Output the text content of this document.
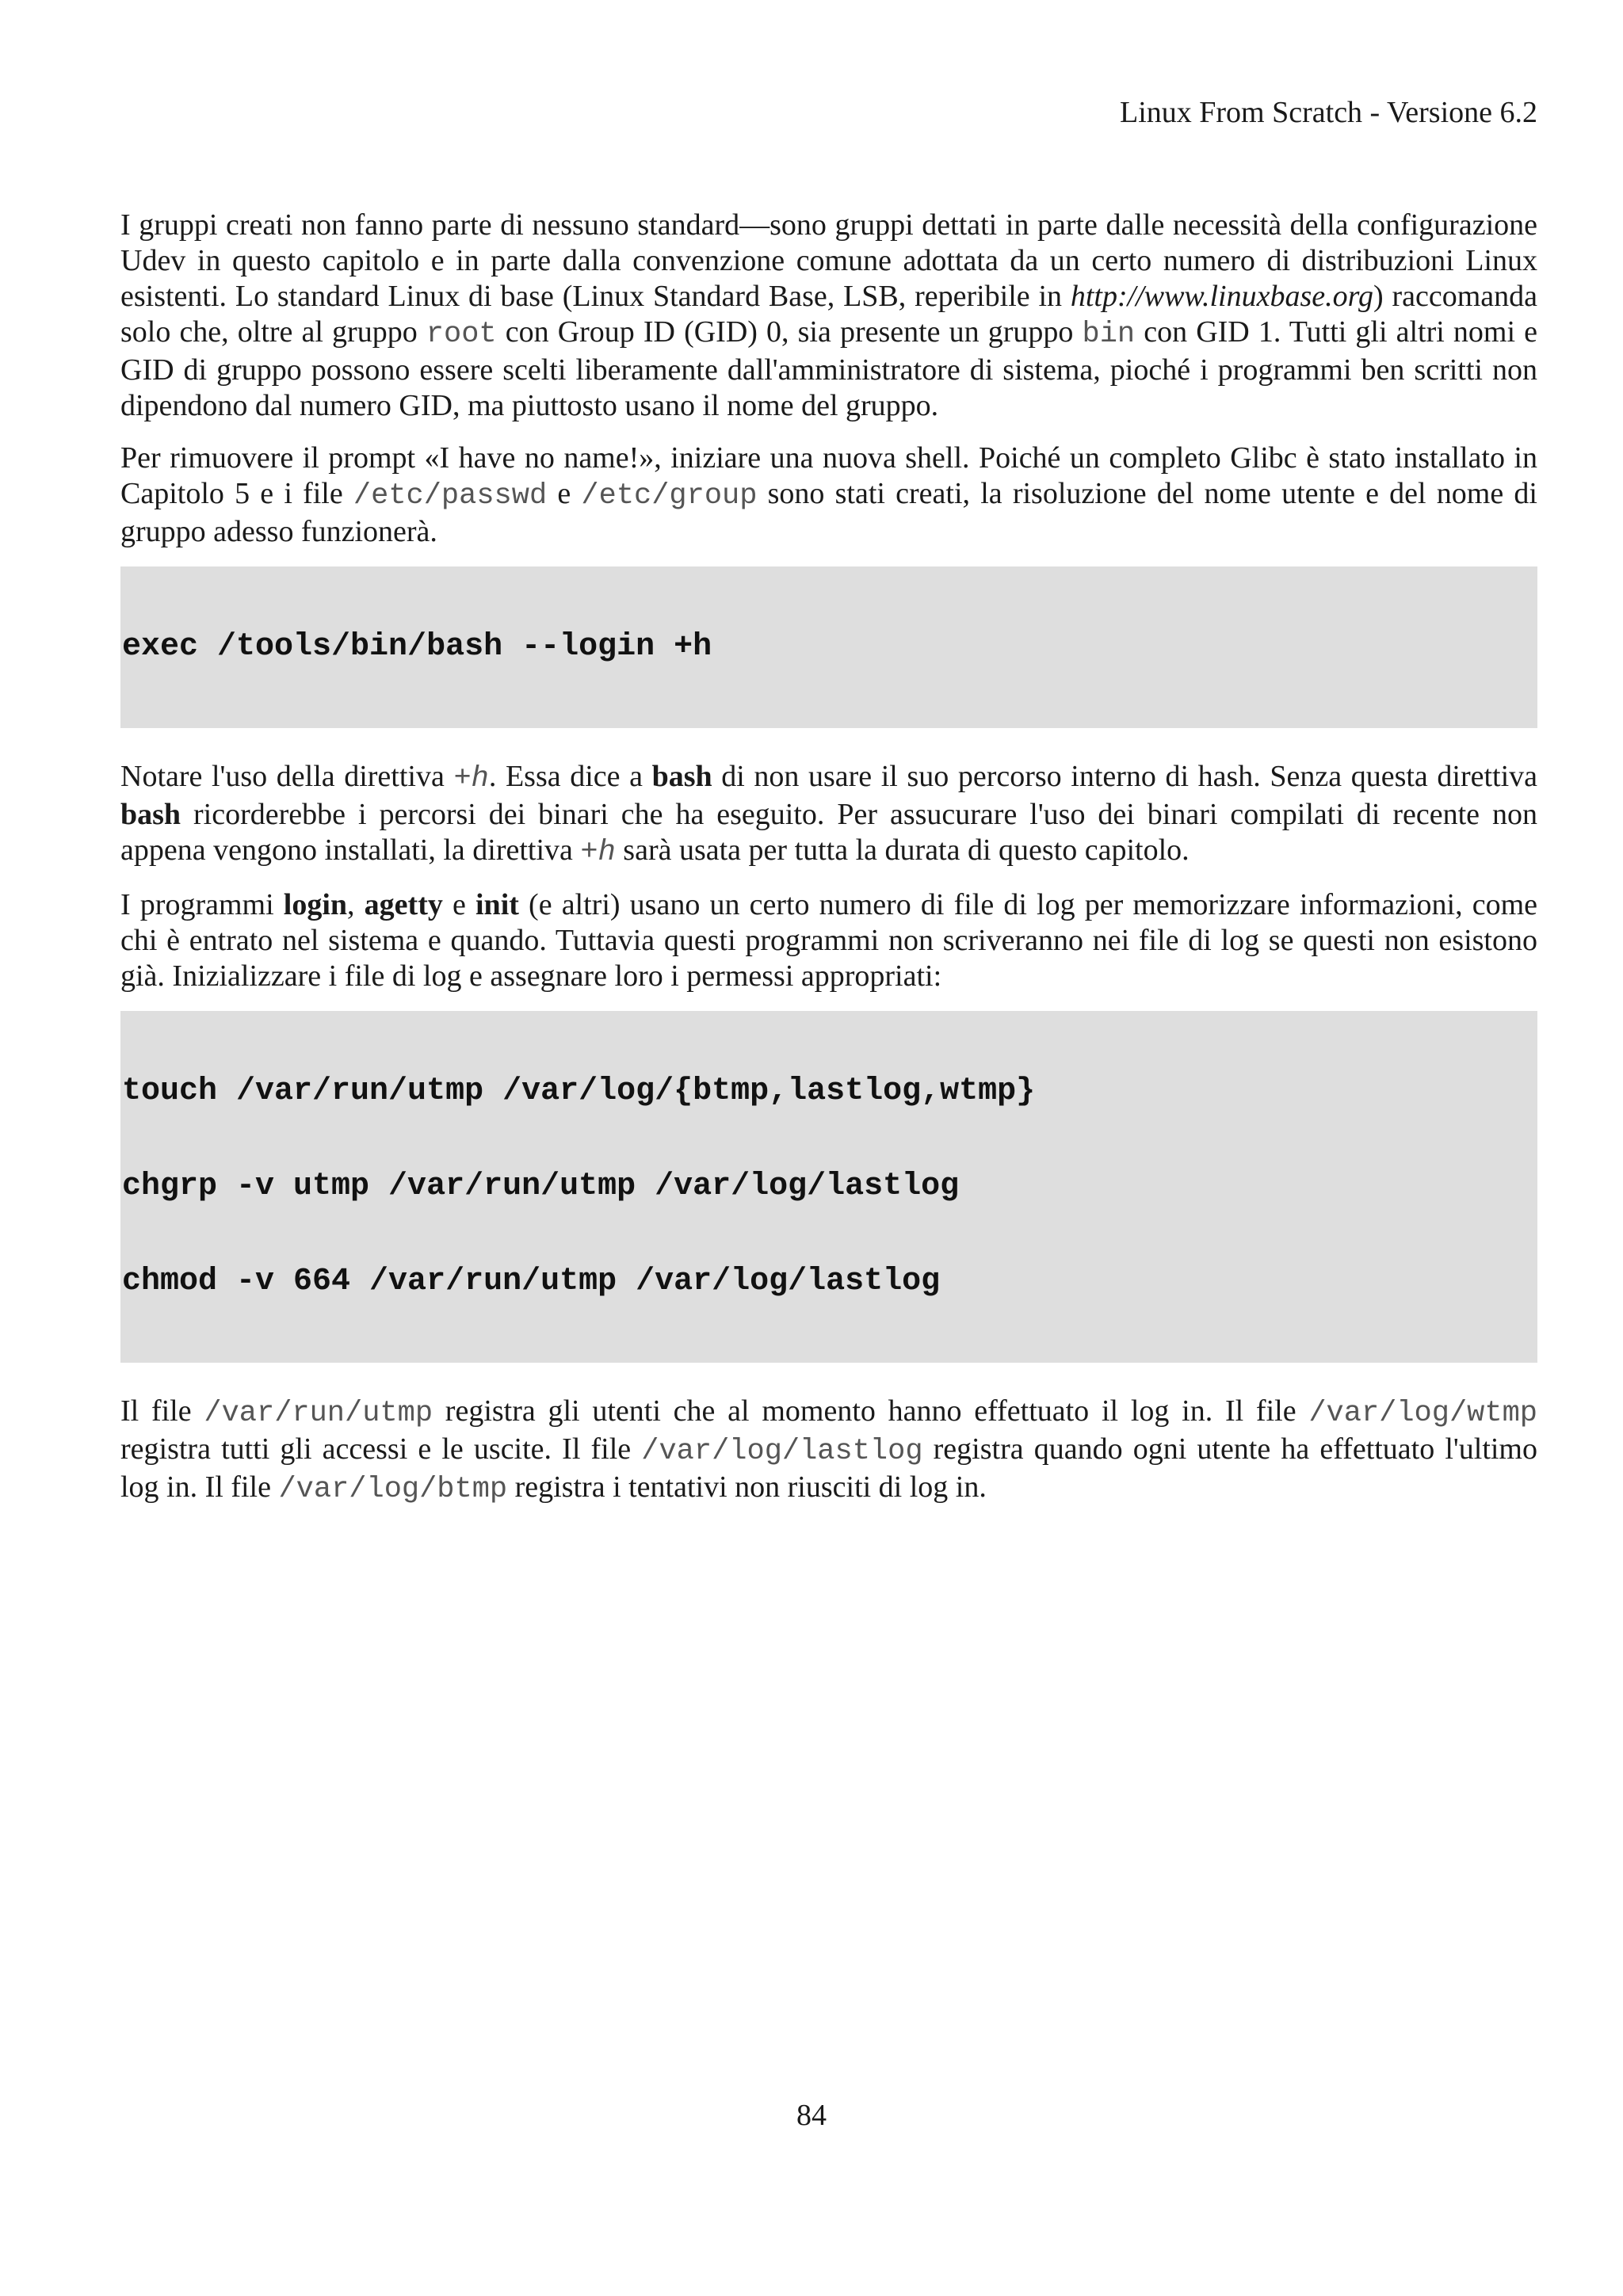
Linux From Scratch - Versione 6.2

I gruppi creati non fanno parte di nessuno standard—sono gruppi dettati in parte dalle necessità della configurazione Udev in questo capitolo e in parte dalla convenzione comune adottata da un certo numero di distribuzioni Linux esistenti. Lo standard Linux di base (Linux Standard Base, LSB, reperibile in http://www.linuxbase.org) raccomanda solo che, oltre al gruppo root con Group ID (GID) 0, sia presente un gruppo bin con GID 1. Tutti gli altri nomi e GID di gruppo possono essere scelti liberamente dall'amministratore di sistema, pioché i programmi ben scritti non dipendono dal numero GID, ma piuttosto usano il nome del gruppo.

Per rimuovere il prompt «I have no name!», iniziare una nuova shell. Poiché un completo Glibc è stato installato in Capitolo 5 e i file /etc/passwd e /etc/group sono stati creati, la risoluzione del nome utente e del nome di gruppo adesso funzionerà.

exec /tools/bin/bash --login +h

Notare l'uso della direttiva +h. Essa dice a bash di non usare il suo percorso interno di hash. Senza questa direttiva bash ricorderebbe i percorsi dei binari che ha eseguito. Per assucurare l'uso dei binari compilati di recente non appena vengono installati, la direttiva +h sarà usata per tutta la durata di questo capitolo.

I programmi login, agetty e init (e altri) usano un certo numero di file di log per memorizzare informazioni, come chi è entrato nel sistema e quando. Tuttavia questi programmi non scriveranno nei file di log se questi non esistono già. Inizializzare i file di log e assegnare loro i permessi appropriati:

touch /var/run/utmp /var/log/{btmp,lastlog,wtmp}

chgrp -v utmp /var/run/utmp /var/log/lastlog

chmod -v 664 /var/run/utmp /var/log/lastlog

Il file /var/run/utmp registra gli utenti che al momento hanno effettuato il log in. Il file /var/log/wtmp registra tutti gli accessi e le uscite. Il file /var/log/lastlog registra quando ogni utente ha effettuato l'ultimo log in. Il file /var/log/btmp registra i tentativi non riusciti di log in.

84
